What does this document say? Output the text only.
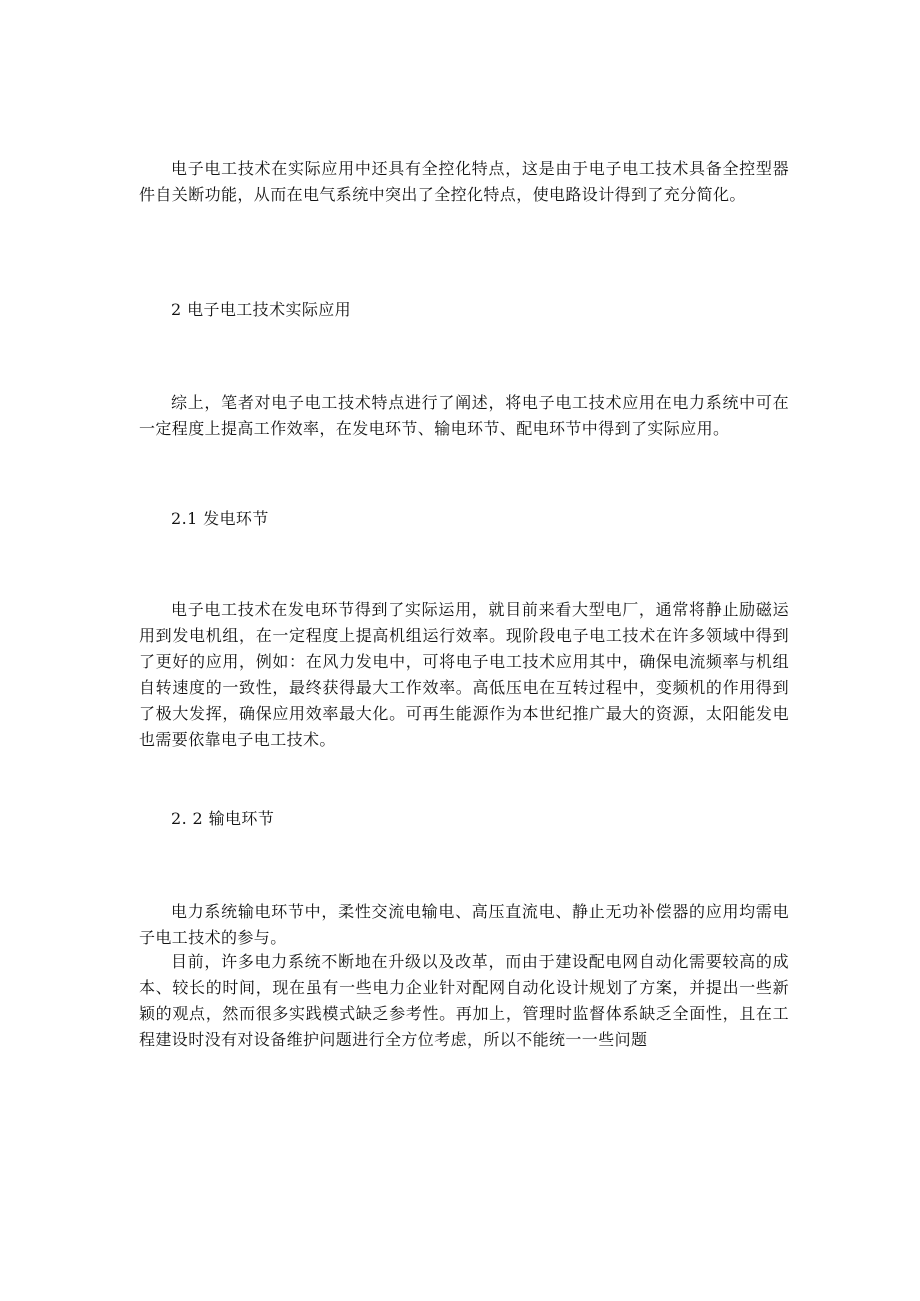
电子电工技术在实际应用中还具有全控化特点，这是由于电子电工技术具备全控型器件自关断功能，从而在电气系统中突出了全控化特点，使电路设计得到了充分简化。

2 电子电工技术实际应用

综上，笔者对电子电工技术特点进行了阐述，将电子电工技术应用在电力系统中可在一定程度上提高工作效率，在发电环节、输电环节、配电环节中得到了实际应用。

2.1 发电环节

电子电工技术在发电环节得到了实际运用，就目前来看大型电厂，通常将静止励磁运用到发电机组，在一定程度上提高机组运行效率。现阶段电子电工技术在许多领域中得到了更好的应用，例如：在风力发电中，可将电子电工技术应用其中，确保电流频率与机组自转速度的一致性，最终获得最大工作效率。高低压电在互转过程中，变频机的作用得到了极大发挥，确保应用效率最大化。可再生能源作为本世纪推广最大的资源，太阳能发电也需要依靠电子电工技术。

2. 2 输电环节

电力系统输电环节中，柔性交流电输电、高压直流电、静止无功补偿器的应用均需电子电工技术的参与。

目前，许多电力系统不断地在升级以及改革，而由于建设配电网自动化需要较高的成本、较长的时间，现在虽有一些电力企业针对配网自动化设计规划了方案，并提出一些新颖的观点，然而很多实践模式缺乏参考性。再加上，管理时监督体系缺乏全面性，且在工程建设时没有对设备维护问题进行全方位考虑，所以不能统一一些问题
